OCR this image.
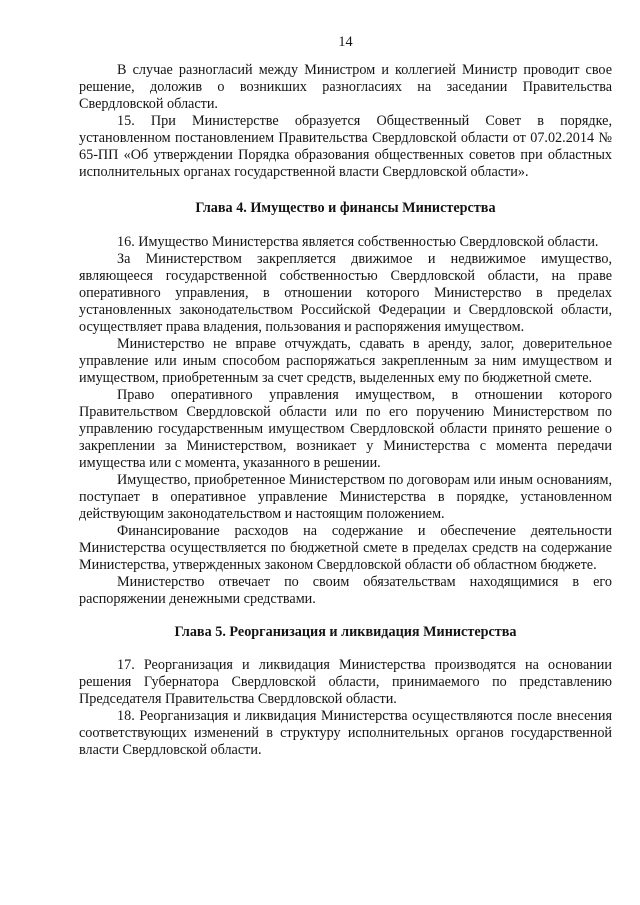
14

В случае разногласий между Министром и коллегией Министр проводит свое решение, доложив о возникших разногласиях на заседании Правительства Свердловской области.

15. При Министерстве образуется Общественный Совет в порядке, установленном постановлением Правительства Свердловской области от 07.02.2014 № 65-ПП «Об утверждении Порядка образования общественных советов при областных исполнительных органах государственной власти Свердловской области».

Глава 4. Имущество и финансы Министерства

16. Имущество Министерства является собственностью Свердловской области.

За Министерством закрепляется движимое и недвижимое имущество, являющееся государственной собственностью Свердловской области, на праве оперативного управления, в отношении которого Министерство в пределах установленных законодательством Российской Федерации и Свердловской области, осуществляет права владения, пользования и распоряжения имуществом.

Министерство не вправе отчуждать, сдавать в аренду, залог, доверительное управление или иным способом распоряжаться закрепленным за ним имуществом и имуществом, приобретенным за счет средств, выделенных ему по бюджетной смете.

Право оперативного управления имуществом, в отношении которого Правительством Свердловской области или по его поручению Министерством по управлению государственным имуществом Свердловской области принято решение о закреплении за Министерством, возникает у Министерства с момента передачи имущества или с момента, указанного в решении.

Имущество, приобретенное Министерством по договорам или иным основаниям, поступает в оперативное управление Министерства в порядке, установленном действующим законодательством и настоящим положением.

Финансирование расходов на содержание и обеспечение деятельности Министерства осуществляется по бюджетной смете в пределах средств на содержание Министерства, утвержденных законом Свердловской области об областном бюджете.

Министерство отвечает по своим обязательствам находящимися в его распоряжении денежными средствами.

Глава 5. Реорганизация и ликвидация Министерства

17. Реорганизация и ликвидация Министерства производятся на основании решения Губернатора Свердловской области, принимаемого по представлению Председателя Правительства Свердловской области.

18. Реорганизация и ликвидация Министерства осуществляются после внесения соответствующих изменений в структуру исполнительных органов государственной власти Свердловской области.
